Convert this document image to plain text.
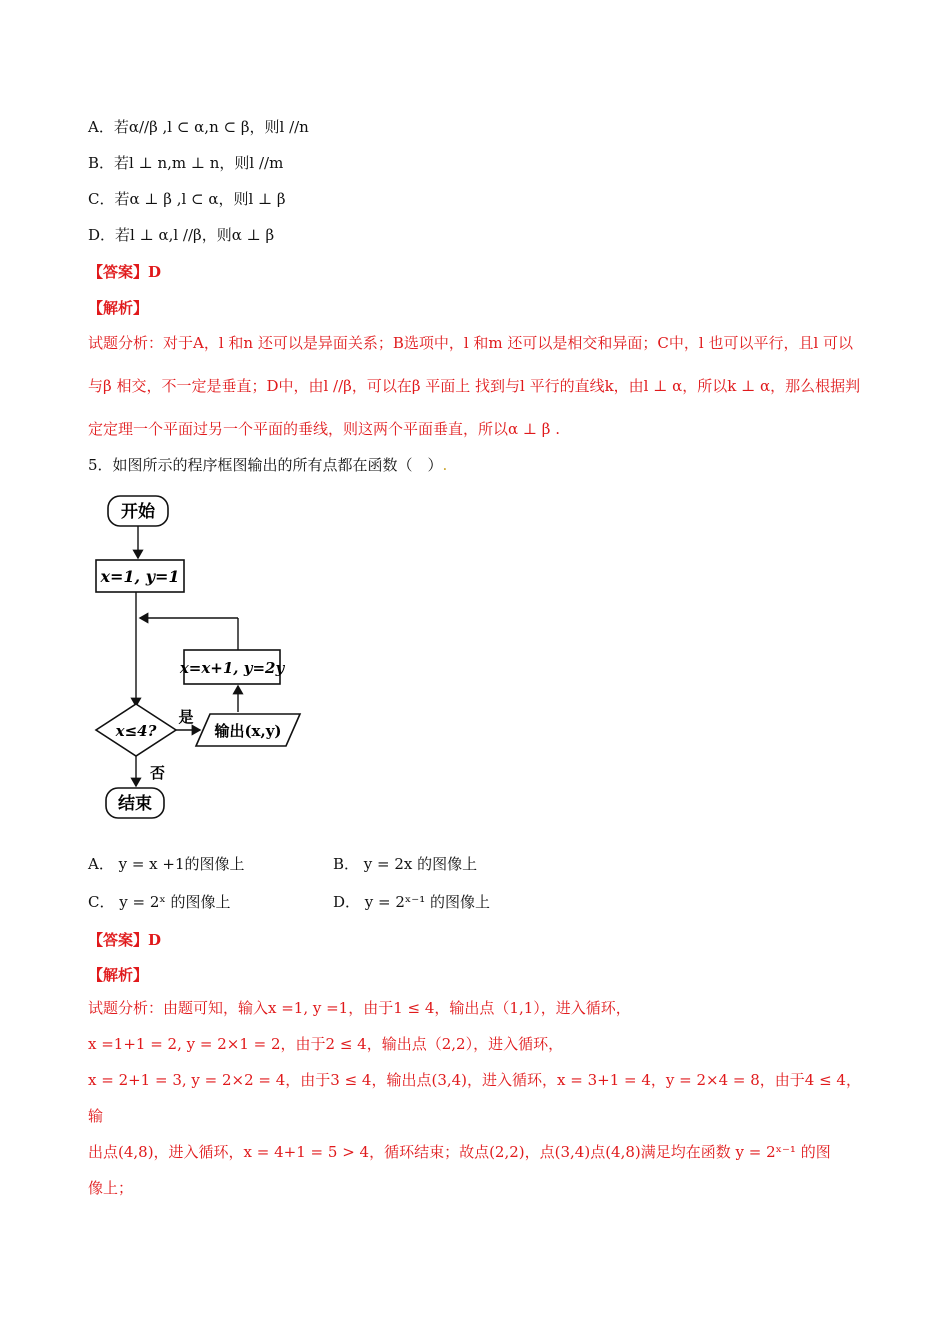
A．若α//β ,l ⊂ α,n ⊂ β，则l //n
B．若l ⊥ n,m ⊥ n，则l //m
C．若α ⊥ β ,l ⊂ α，则l ⊥ β
D．若l ⊥ α,l //β，则α ⊥ β
【答案】D
【解析】
试题分析：对于A，l 和n 还可以是异面关系；B选项中，l 和m 还可以是相交和异面；C中，l 也可以平行，且l 可以与β 相交，不一定是垂直；D中，由l //β，可以在β 平面上 找到与l 平行的直线k，由l ⊥ α，所以k ⊥ α，那么根据判定定理一个平面过另一个平面的垂线，则这两个平面垂直，所以α ⊥ β .
5．如图所示的程序框图输出的所有点都在函数（　）.
开始
x=1, y=1
x=x+1, y=2y
x≤4?
是
输出(x,y)
否
结束
A． y = x +1的图像上	B． y = 2x 的图像上
C． y = 2ˣ 的图像上	D． y = 2ˣ⁻¹ 的图像上
【答案】D
【解析】
试题分析：由题可知，输入x =1, y =1，由于1 ≤ 4，输出点（1,1），进入循环，
x =1+1 = 2, y = 2×1 = 2，由于2 ≤ 4，输出点（2,2），进入循环，
x = 2+1 = 3, y = 2×2 = 4，由于3 ≤ 4，输出点(3,4)，进入循环，x = 3+1 = 4，y = 2×4 = 8，由于4 ≤ 4，输
出点(4,8)，进入循环，x = 4+1 = 5 > 4，循环结束；故点(2,2)，点(3,4)点(4,8)满足均在函数 y = 2ˣ⁻¹ 的图
像上；
